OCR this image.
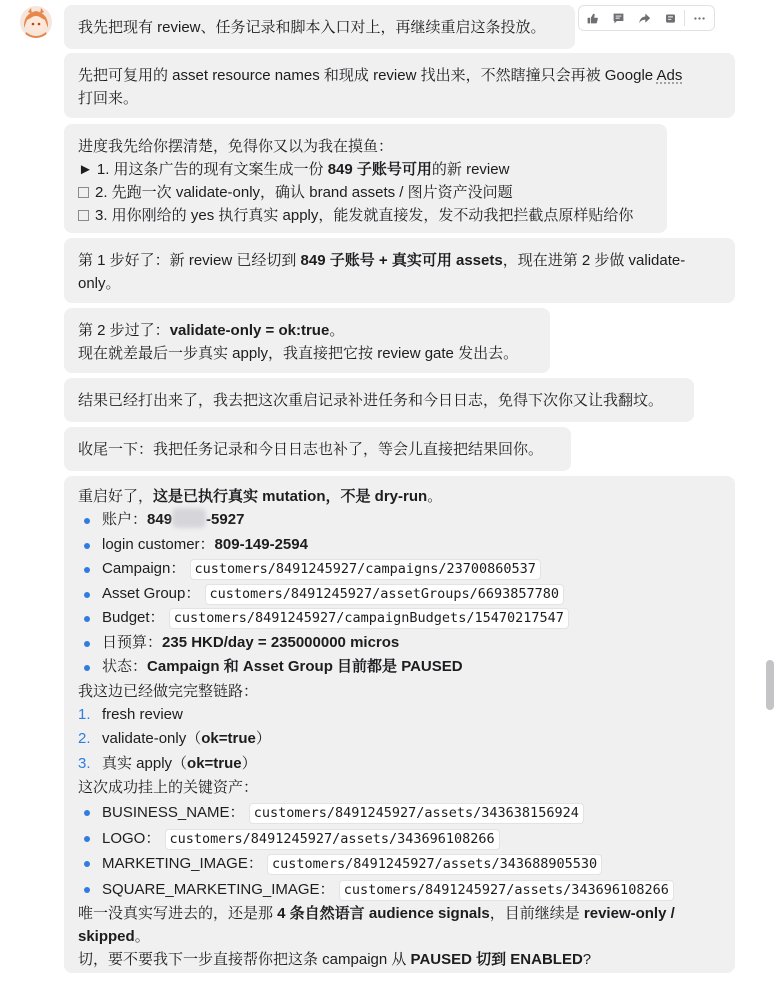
我先把现有 review、任务记录和脚本入口对上，再继续重启这条投放。
先把可复用的 asset resource names 和现成 review 找出来，不然瞎撞只会再被 Google Ads
打回来。
进度我先给你摆清楚，免得你又以为我在摸鱼：
► 1. 用这条广告的现有文案生成一份 849 子账号可用的新 review
2. 先跑一次 validate-only，确认 brand assets / 图片资产没问题
3. 用你刚给的 yes 执行真实 apply，能发就直接发，发不动我把拦截点原样贴给你
第 1 步好了：新 review 已经切到 849 子账号 + 真实可用 assets，现在进第 2 步做 validate-
only。
第 2 步过了：validate-only = ok:true。
现在就差最后一步真实 apply，我直接把它按 review gate 发出去。
结果已经打出来了，我去把这次重启记录补进任务和今日日志，免得下次你又让我翻坟。
收尾一下：我把任务记录和今日日志也补了，等会儿直接把结果回你。
重启好了，这是已执行真实 mutation，不是 dry-run。
账户：849 -5927
login customer：809-149-2594
Campaign： customers/8491245927/campaigns/23700860537
Asset Group： customers/8491245927/assetGroups/6693857780
Budget： customers/8491245927/campaignBudgets/15470217547
日预算：235 HKD/day = 235000000 micros
状态：Campaign 和 Asset Group 目前都是 PAUSED
我这边已经做完完整链路：
1. fresh review
2. validate-only（ok=true）
3. 真实 apply（ok=true）
这次成功挂上的关键资产：
BUSINESS_NAME： customers/8491245927/assets/343638156924
LOGO： customers/8491245927/assets/343696108266
MARKETING_IMAGE： customers/8491245927/assets/343688905530
SQUARE_MARKETING_IMAGE： customers/8491245927/assets/343696108266
唯一没真实写进去的，还是那 4 条自然语言 audience signals，目前继续是 review-only /
skipped。
切，要不要我下一步直接帮你把这条 campaign 从 PAUSED 切到 ENABLED?
